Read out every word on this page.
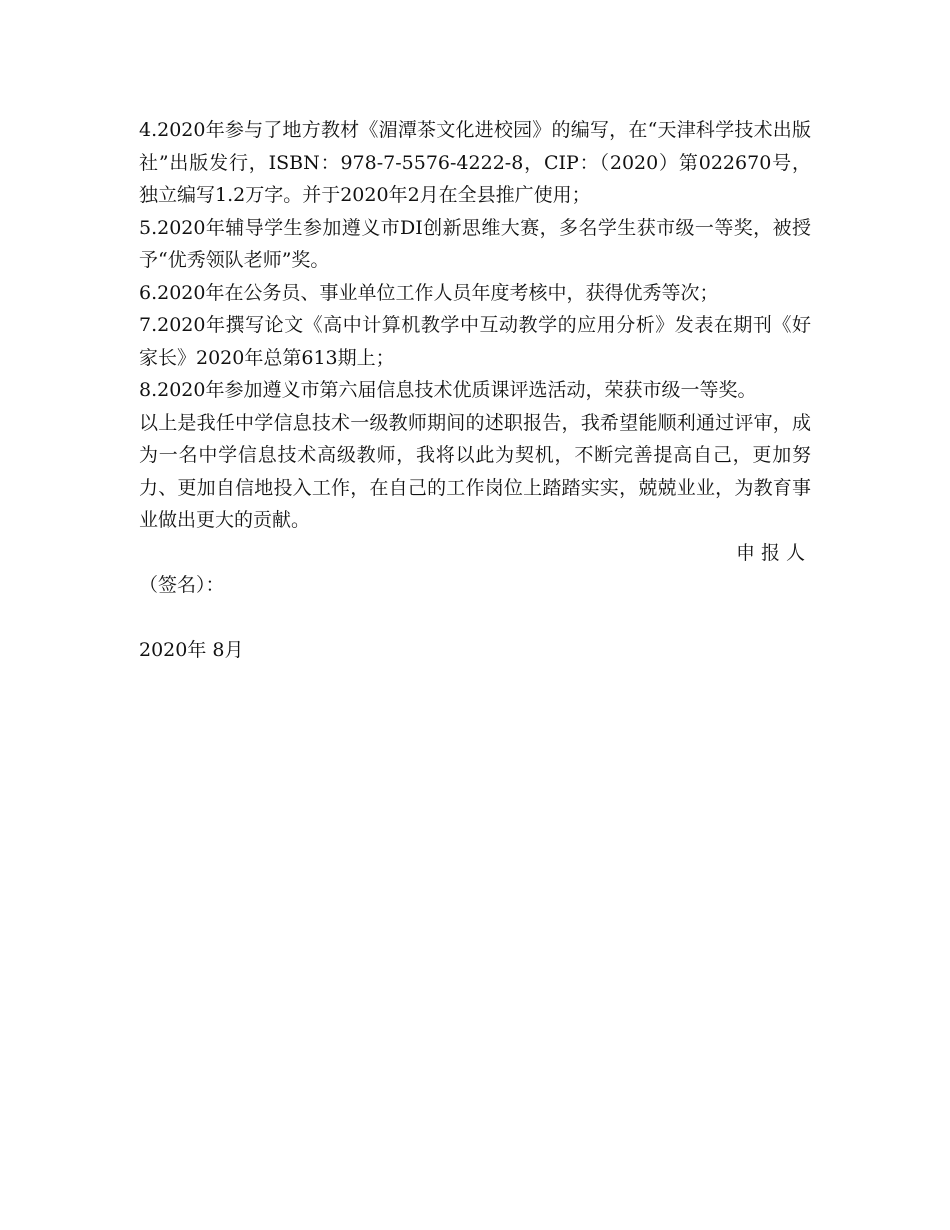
4.2020年参与了地方教材《湄潭茶文化进校园》的编写，在“天津科学技术出版社”出版发行，ISBN：978-7-5576-4222-8，CIP：（2020）第022670号，独立编写1.2万字。并于2020年2月在全县推广使用；

5.2020年辅导学生参加遵义市DI创新思维大赛，多名学生获市级一等奖，被授予“优秀领队老师”奖。

6.2020年在公务员、事业单位工作人员年度考核中，获得优秀等次；

7.2020年撰写论文《高中计算机教学中互动教学的应用分析》发表在期刊《好家长》2020年总第613期上；

8.2020年参加遵义市第六届信息技术优质课评选活动，荣获市级一等奖。

以上是我任中学信息技术一级教师期间的述职报告，我希望能顺利通过评审，成为一名中学信息技术高级教师，我将以此为契机，不断完善提高自己，更加努力、更加自信地投入工作，在自己的工作岗位上踏踏实实，兢兢业业，为教育事业做出更大的贡献。

申报人

（签名）：

2020年 8月
